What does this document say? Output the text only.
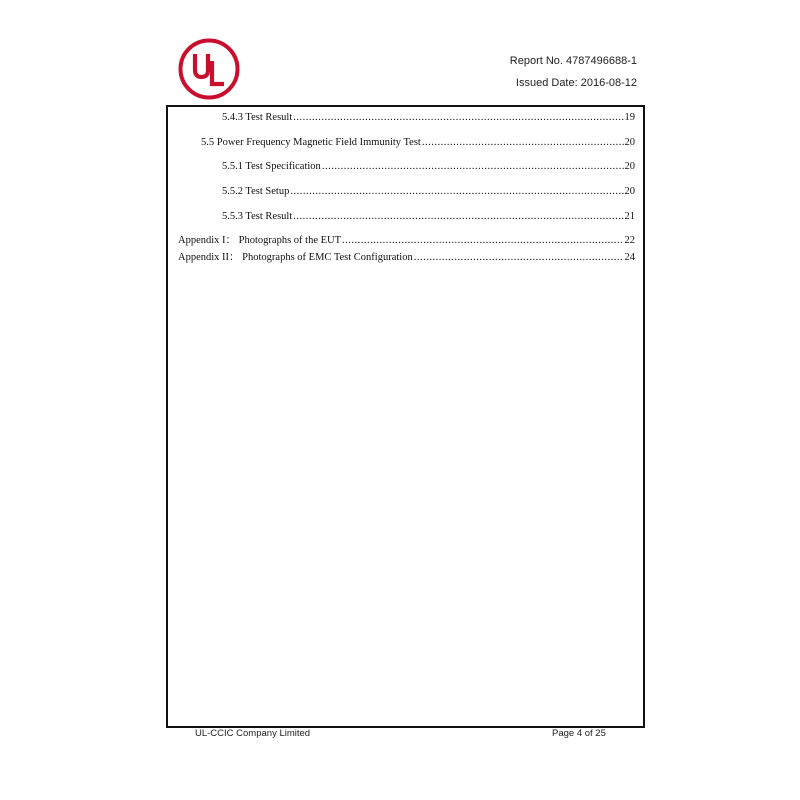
Report No. 4787496688-1
Issued Date: 2016-08-12
5.4.3 Test Result .....	19
5.5 Power Frequency Magnetic Field Immunity Test .....	20
5.5.1 Test Specification .....	20
5.5.2 Test Setup .....	20
5.5.3 Test Result .....	21
Appendix I： Photographs of the EUT .....	22
Appendix II： Photographs of EMC Test Configuration .....	24
UL-CCIC Company Limited	Page 4 of 25
